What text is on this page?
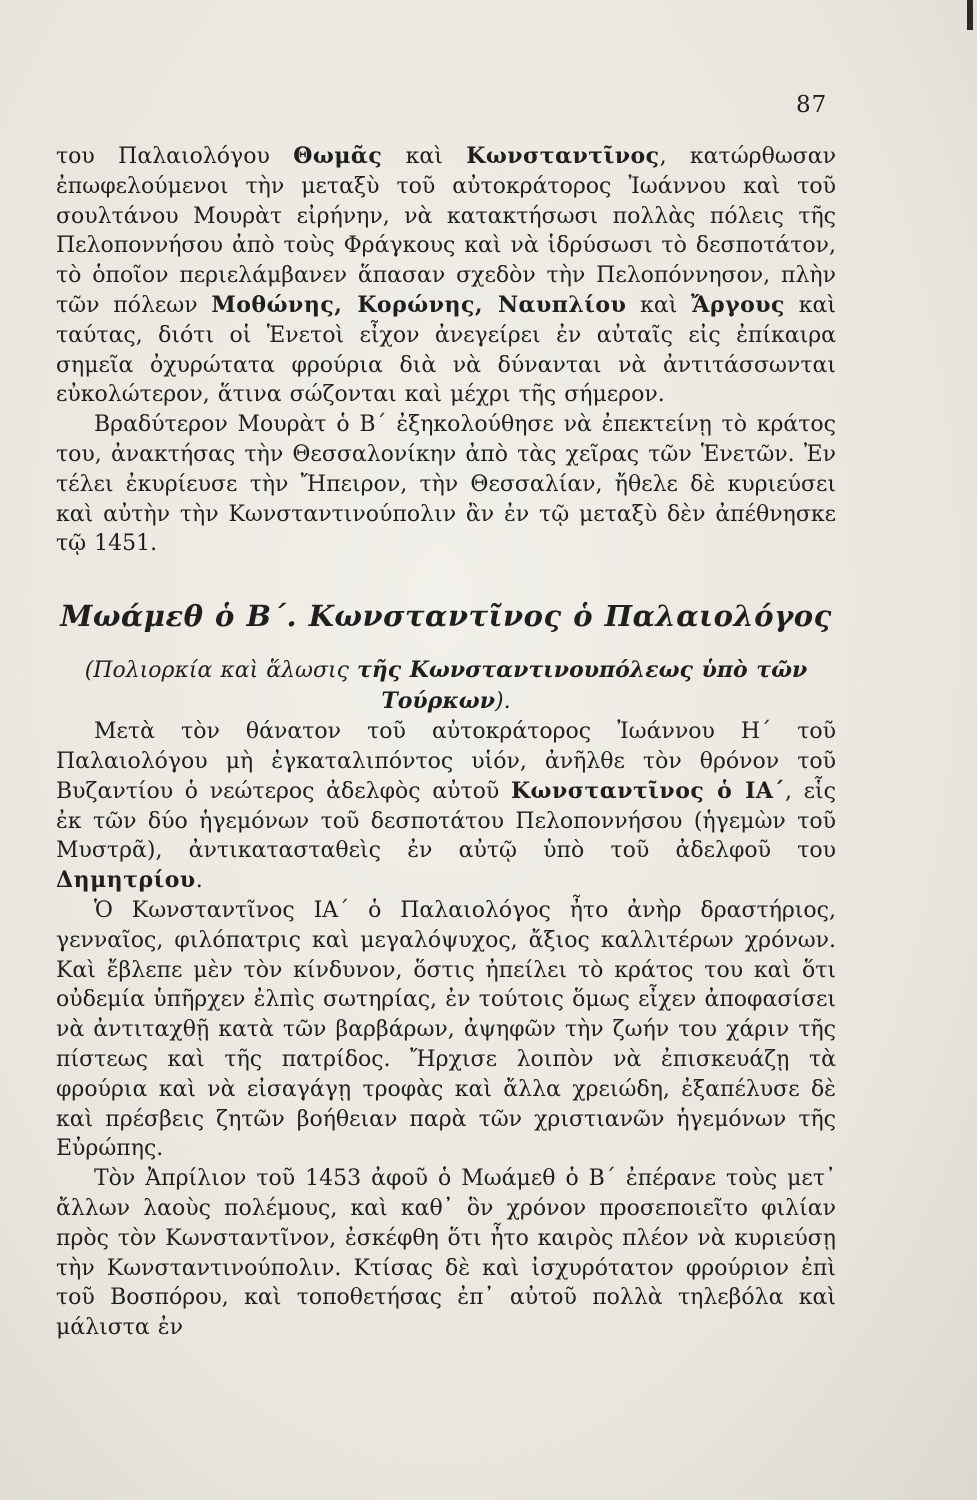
87

του Παλαιολόγου Θωμᾶς καὶ Κωνσταντῖνος, κατώρθωσαν ἐπωφελούμενοι τὴν μεταξὺ τοῦ αὐτοκράτορος Ἰωάννου καὶ τοῦ σουλτάνου Μουρὰτ εἰρήνην, νὰ κατακτήσωσι πολλὰς πόλεις τῆς Πελοποννήσου ἀπὸ τοὺς Φράγκους καὶ νὰ ἱδρύσωσι τὸ δεσποτάτον, τὸ ὁποῖον περιελάμβανεν ἅπασαν σχεδὸν τὴν Πελοπόννησον, πλὴν τῶν πόλεων Μοθώνης, Κορώνης, Ναυπλίου καὶ Ἄργους καὶ ταύτας, διότι οἱ Ἑνετοὶ εἶχον ἀνεγείρει ἐν αὐταῖς εἰς ἐπίκαιρα σημεῖα ὀχυρώτατα φρούρια διὰ νὰ δύνανται νὰ ἀντιτάσσωνται εὐκολώτερον, ἅτινα σώζονται καὶ μέχρι τῆς σήμερον.

Βραδύτερον Μουρὰτ ὁ Β΄ ἐξηκολούθησε νὰ ἐπεκτείνῃ τὸ κράτος του, ἀνακτήσας τὴν Θεσσαλονίκην ἀπὸ τὰς χεῖρας τῶν Ἑνετῶν. Ἐν τέλει ἐκυρίευσε τὴν Ἤπειρον, τὴν Θεσσαλίαν, ἤθελε δὲ κυριεύσει καὶ αὐτὴν τὴν Κωνσταντινούπολιν ἂν ἐν τῷ μεταξὺ δὲν ἀπέθνησκε τῷ 1451.

Μωάμεθ ὁ Β΄. Κωνσταντῖνος ὁ Παλαιολόγος
(Πολιορκία καὶ ἅλωσις τῆς Κωνσταντινουπόλεως ὑπὸ τῶν Τούρκων).

Μετὰ τὸν θάνατον τοῦ αὐτοκράτορος Ἰωάννου Η΄ τοῦ Παλαιολόγου μὴ ἐγκαταλιπόντος υἱόν, ἀνῆλθε τὸν θρόνον τοῦ Βυζαντίου ὁ νεώτερος ἀδελφὸς αὐτοῦ Κωνσταντῖνος ὁ ΙΑ΄, εἷς ἐκ τῶν δύο ἡγεμόνων τοῦ δεσποτάτου Πελοποννήσου (ἡγεμὼν τοῦ Μυστρᾶ), ἀντικατασταθεὶς ἐν αὐτῷ ὑπὸ τοῦ ἀδελφοῦ του Δημητρίου.

Ὁ Κωνσταντῖνος ΙΑ΄ ὁ Παλαιολόγος ἦτο ἀνὴρ δραστήριος, γενναῖος, φιλόπατρις καὶ μεγαλόψυχος, ἄξιος καλλιτέρων χρόνων. Καὶ ἔβλεπε μὲν τὸν κίνδυνον, ὅστις ἠπείλει τὸ κράτος του καὶ ὅτι οὐδεμία ὑπῆρχεν ἐλπὶς σωτηρίας, ἐν τούτοις ὅμως εἶχεν ἀποφασίσει νὰ ἀντιταχθῇ κατὰ τῶν βαρβάρων, ἀψηφῶν τὴν ζωήν του χάριν τῆς πίστεως καὶ τῆς πατρίδος. Ἤρχισε λοιπὸν νὰ ἐπισκευάζῃ τὰ φρούρια καὶ νὰ εἰσαγάγῃ τροφὰς καὶ ἄλλα χρειώδη, ἐξαπέλυσε δὲ καὶ πρέσβεις ζητῶν βοήθειαν παρὰ τῶν χριστιανῶν ἡγεμόνων τῆς Εὐρώπης.

Τὸν Ἀπρίλιον τοῦ 1453 ἀφοῦ ὁ Μωάμεθ ὁ Β΄ ἐπέρανε τοὺς μετ᾽ ἄλλων λαοὺς πολέμους, καὶ καθ᾽ ὃν χρόνον προσεποιεῖτο φιλίαν πρὸς τὸν Κωνσταντῖνον, ἐσκέφθη ὅτι ἦτο καιρὸς πλέον νὰ κυριεύσῃ τὴν Κωνσταντινούπολιν. Κτίσας δὲ καὶ ἰσχυρότατον φρούριον ἐπὶ τοῦ Βοσπόρου, καὶ τοποθετήσας ἐπ᾽ αὐτοῦ πολλὰ τηλεβόλα καὶ μάλιστα ἐν
